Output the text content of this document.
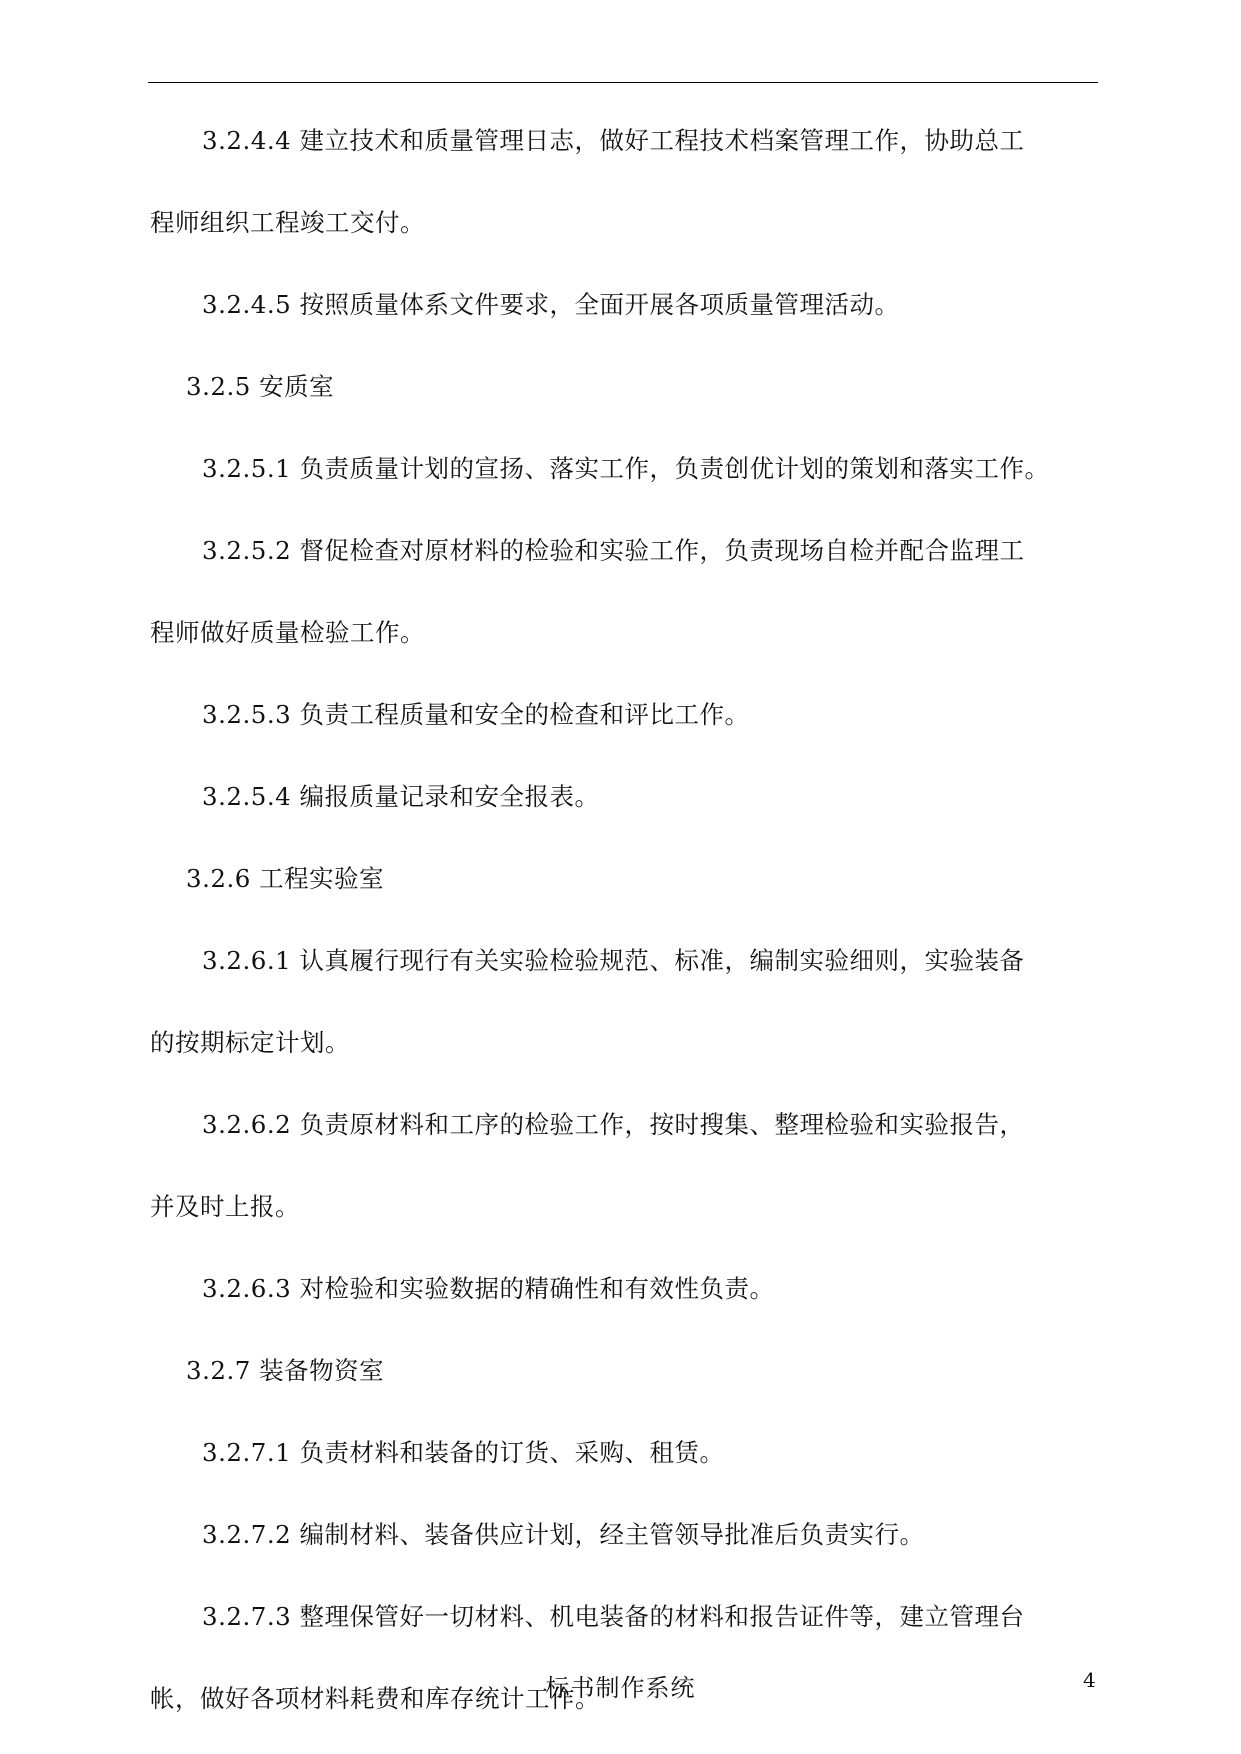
3.2.4.4 建立技术和质量管理日志，做好工程技术档案管理工作，协助总工
程师组织工程竣工交付。

3.2.4.5 按照质量体系文件要求，全面开展各项质量管理活动。

3.2.5 安质室

3.2.5.1 负责质量计划的宣扬、落实工作，负责创优计划的策划和落实工作。

3.2.5.2 督促检查对原材料的检验和实验工作，负责现场自检并配合监理工
程师做好质量检验工作。

3.2.5.3 负责工程质量和安全的检查和评比工作。

3.2.5.4 编报质量记录和安全报表。

3.2.6 工程实验室

3.2.6.1 认真履行现行有关实验检验规范、标准，编制实验细则，实验装备
的按期标定计划。

3.2.6.2 负责原材料和工序的检验工作，按时搜集、整理检验和实验报告，
并及时上报。

3.2.6.3 对检验和实验数据的精确性和有效性负责。

3.2.7 装备物资室

3.2.7.1 负责材料和装备的订货、采购、租赁。

3.2.7.2 编制材料、装备供应计划，经主管领导批准后负责实行。

3.2.7.3 整理保管好一切材料、机电装备的材料和报告证件等，建立管理台
帐，做好各项材料耗费和库存统计工作。

标书制作系统	4
